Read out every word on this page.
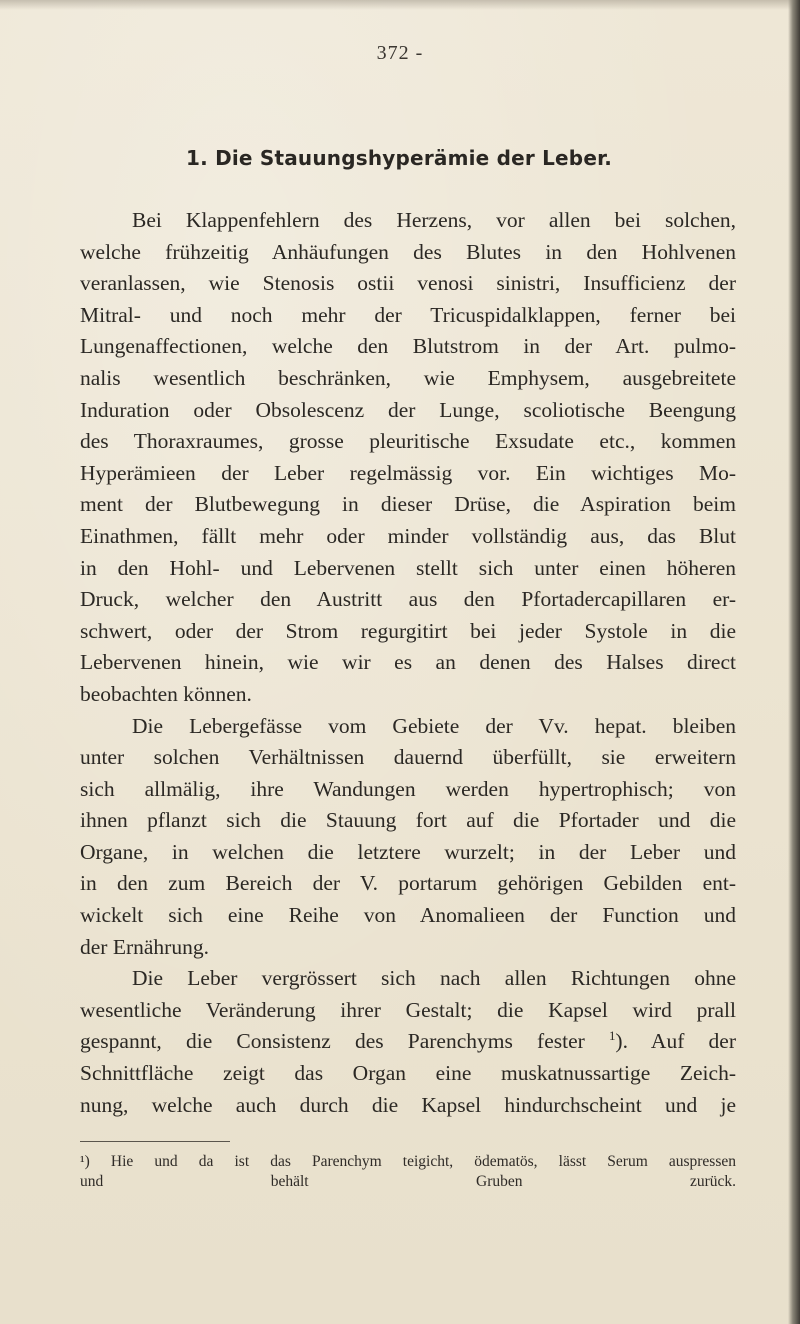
372 -
1. Die Stauungshyperämie der Leber.
Bei Klappenfehlern des Herzens, vor allen bei solchen,
welche frühzeitig Anhäufungen des Blutes in den Hohlvenen
veranlassen, wie Stenosis ostii venosi sinistri, Insufficienz der
Mitral- und noch mehr der Tricuspidalklappen, ferner bei
Lungenaffectionen, welche den Blutstrom in der Art. pulmo-
nalis wesentlich beschränken, wie Emphysem, ausgebreitete
Induration oder Obsolescenz der Lunge, scoliotische Beengung
des Thoraxraumes, grosse pleuritische Exsudate etc., kommen
Hyperämieen der Leber regelmässig vor. Ein wichtiges Mo-
ment der Blutbewegung in dieser Drüse, die Aspiration beim
Einathmen, fällt mehr oder minder vollständig aus, das Blut
in den Hohl- und Lebervenen stellt sich unter einen höheren
Druck, welcher den Austritt aus den Pfortadercapillaren er-
schwert, oder der Strom regurgitirt bei jeder Systole in die
Lebervenen hinein, wie wir es an denen des Halses direct
beobachten können.
Die Lebergefässe vom Gebiete der Vv. hepat. bleiben
unter solchen Verhältnissen dauernd überfüllt, sie erweitern
sich allmälig, ihre Wandungen werden hypertrophisch; von
ihnen pflanzt sich die Stauung fort auf die Pfortader und die
Organe, in welchen die letztere wurzelt; in der Leber und
in den zum Bereich der V. portarum gehörigen Gebilden ent-
wickelt sich eine Reihe von Anomalieen der Function und
der Ernährung.
Die Leber vergrössert sich nach allen Richtungen ohne
wesentliche Veränderung ihrer Gestalt; die Kapsel wird prall
gespannt, die Consistenz des Parenchyms fester $^1$). Auf der
Schnittfläche zeigt das Organ eine muskatnussartige Zeich-
nung, welche auch durch die Kapsel hindurchscheint und je
¹) Hie und da ist das Parenchym teigicht, ödematös, lässt Serum auspressen
und behält Gruben zurück.
